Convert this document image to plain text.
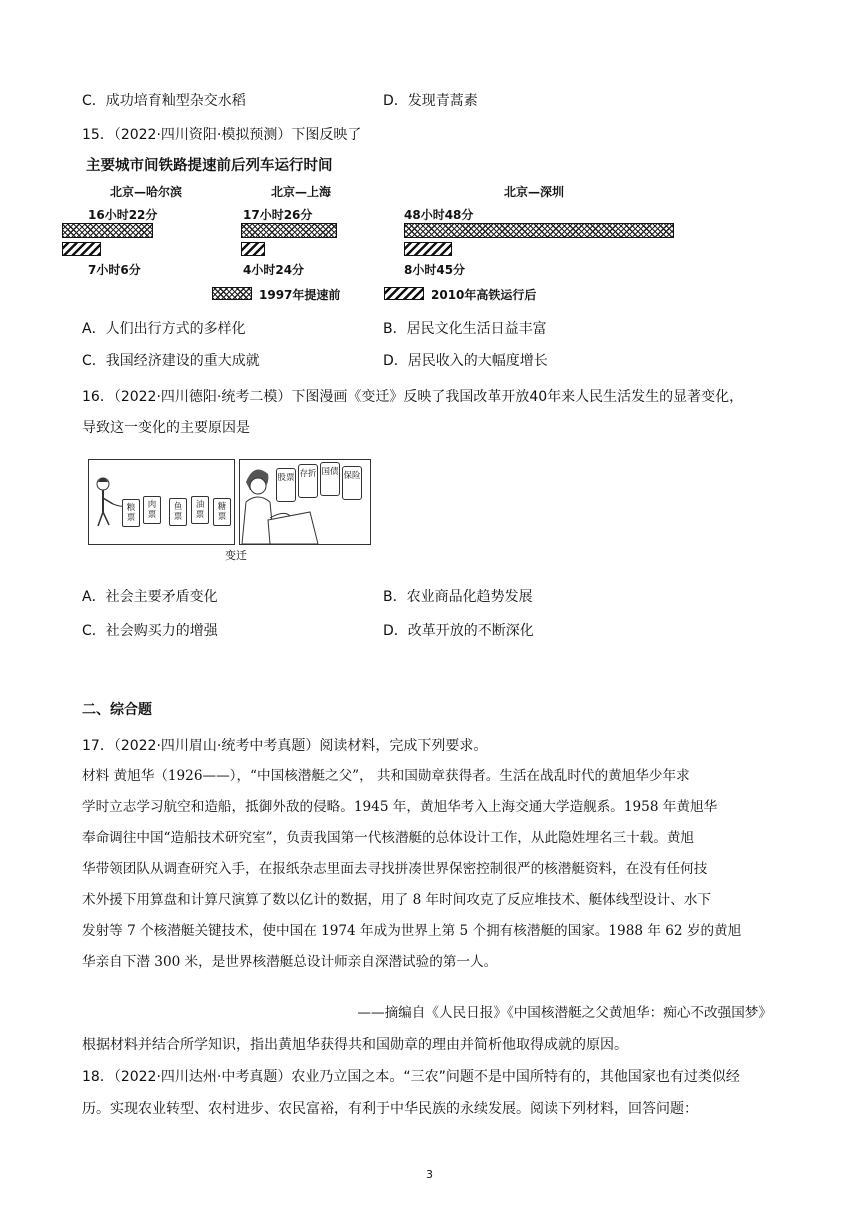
C．成功培育籼型杂交水稻	D．发现青蒿素
15．（2022·四川资阳·模拟预测）下图反映了
主要城市间铁路提速前后列车运行时间
北京—哈尔滨	北京—上海	北京—深圳
16小时22分	17小时26分	48小时48分
7小时6分	4小时24分	8小时45分
1997年提速前	2010年高铁运行后
A．人们出行方式的多样化	B．居民文化生活日益丰富
C．我国经济建设的重大成就	D．居民收入的大幅度增长
16．（2022·四川德阳·统考二模）下图漫画《变迁》反映了我国改革开放40年来人民生活发生的显著变化，
导致这一变化的主要原因是
粮票
肉票
鱼票
油票
糖票
股票 存折 国债 保险
变迁
A．社会主要矛盾变化	B．农业商品化趋势发展
C．社会购买力的增强	D．改革开放的不断深化
二、综合题
17．（2022·四川眉山·统考中考真题）阅读材料，完成下列要求。

材料 黄旭华（1926——），“中国核潜艇之父”， 共和国勋章获得者。生活在战乱时代的黄旭华少年求

学时立志学习航空和造船，抵御外敌的侵略。1945 年，黄旭华考入上海交通大学造舰系。1958 年黄旭华

奉命调往中国“造船技术研究室”，负责我国第一代核潜艇的总体设计工作，从此隐姓埋名三十载。黄旭

华带领团队从调查研究入手，在报纸杂志里面去寻找拼凑世界保密控制很严的核潜艇资料，在没有任何技

术外援下用算盘和计算尺演算了数以亿计的数据，用了 8 年时间攻克了反应堆技术、艇体线型设计、水下

发射等 7 个核潜艇关键技术，使中国在 1974 年成为世界上第 5 个拥有核潜艇的国家。1988 年 62 岁的黄旭

华亲自下潜 300 米，是世界核潜艇总设计师亲自深潜试验的第一人。

——摘编自《人民日报》《中国核潜艇之父黄旭华：痴心不改强国梦》
根据材料并结合所学知识，指出黄旭华获得共和国勋章的理由并简析他取得成就的原因。
18．（2022·四川达州·中考真题）农业乃立国之本。“三农”问题不是中国所特有的，其他国家也有过类似经
历。实现农业转型、农村进步、农民富裕，有利于中华民族的永续发展。阅读下列材料，回答问题：
3
